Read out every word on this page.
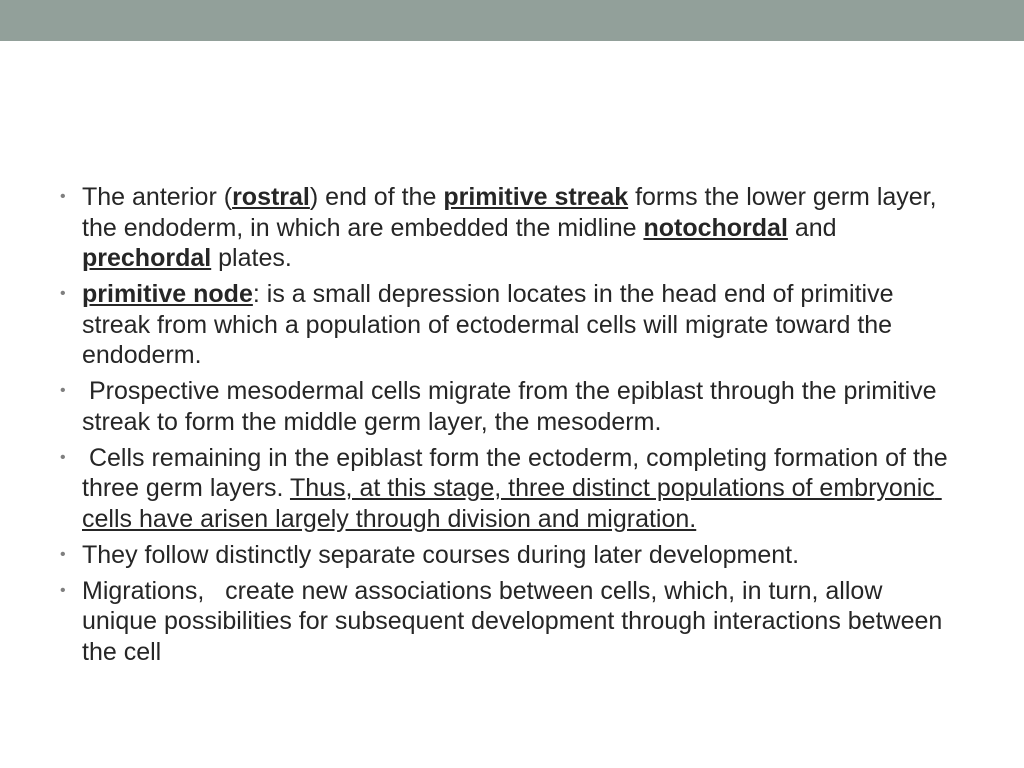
• The anterior (rostral) end of the primitive streak forms the lower germ layer, the endoderm, in which are embedded the midline notochordal and prechordal plates.
• primitive node: is a small depression locates in the head end of primitive streak from which a population of ectodermal cells will migrate toward the endoderm.
• Prospective mesodermal cells migrate from the epiblast through the primitive streak to form the middle germ layer, the mesoderm.
• Cells remaining in the epiblast form the ectoderm, completing formation of the three germ layers. Thus, at this stage, three distinct populations of embryonic cells have arisen largely through division and migration.
• They follow distinctly separate courses during later development.
• Migrations,   create new associations between cells, which, in turn, allow unique possibilities for subsequent development through interactions between the cell
